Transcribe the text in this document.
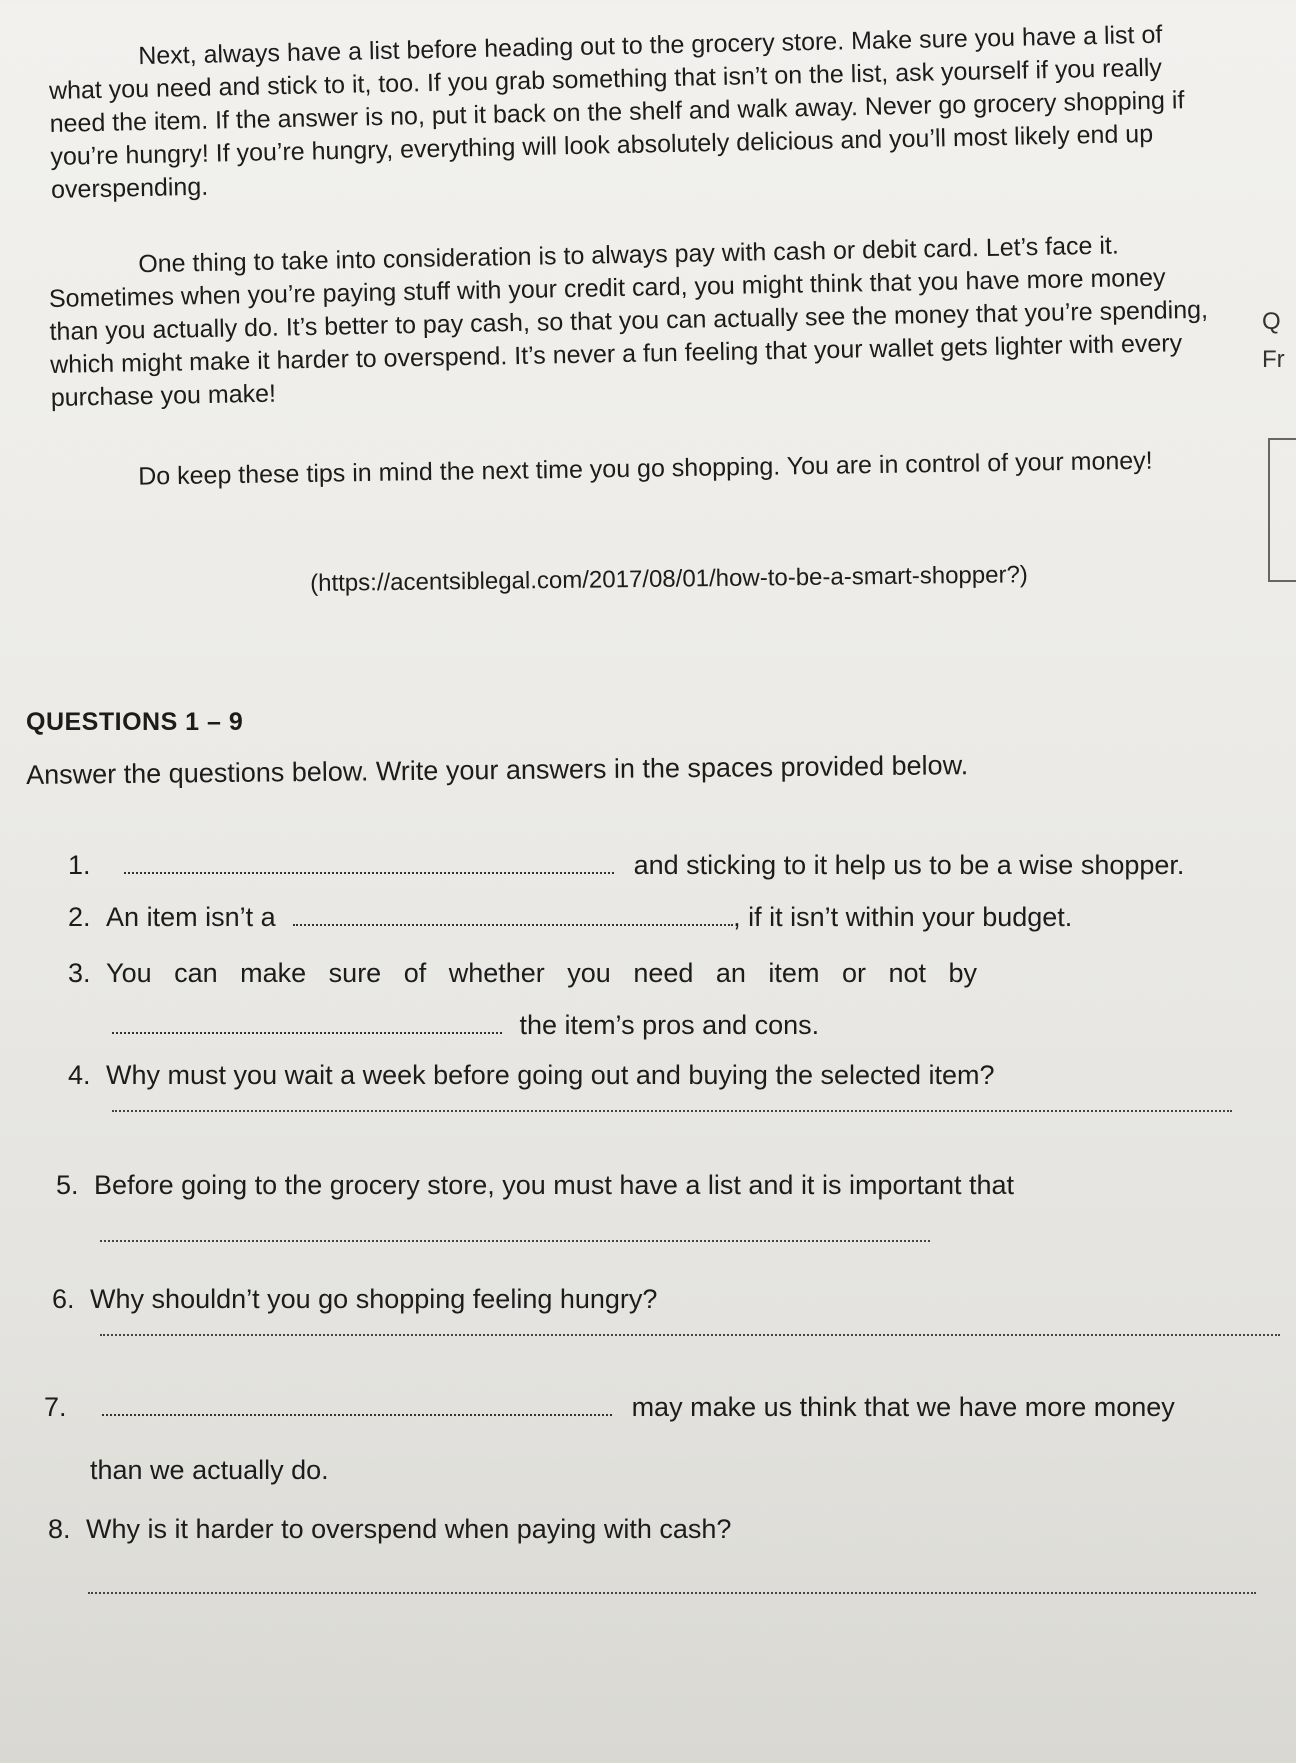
Next, always have a list before heading out to the grocery store. Make sure you have a list of what you need and stick to it, too. If you grab something that isn’t on the list, ask yourself if you really need the item. If the answer is no, put it back on the shelf and walk away. Never go grocery shopping if you’re hungry! If you’re hungry, everything will look absolutely delicious and you’ll most likely end up overspending.

One thing to take into consideration is to always pay with cash or debit card. Let’s face it. Sometimes when you’re paying stuff with your credit card, you might think that you have more money than you actually do. It’s better to pay cash, so that you can actually see the money that you’re spending, which might make it harder to overspend. It’s never a fun feeling that your wallet gets lighter with every purchase you make!

Do keep these tips in mind the next time you go shopping. You are in control of your money!

(https://acentsiblegal.com/2017/08/01/how-to-be-a-smart-shopper?)
Q
Fr
QUESTIONS 1 – 9
Answer the questions below. Write your answers in the spaces provided below.
1.	and sticking to it help us to be a wise shopper.
2. An item isn’t a	, if it isn’t within your budget.
3. You   can   make   sure   of   whether   you   need   an   item   or   not   by
the item’s pros and cons.
4. Why must you wait a week before going out and buying the selected item?
5. Before going to the grocery store, you must have a list and it is important that
6. Why shouldn’t you go shopping feeling hungry?
7.	may make us think that we have more money
than we actually do.
8. Why is it harder to overspend when paying with cash?
